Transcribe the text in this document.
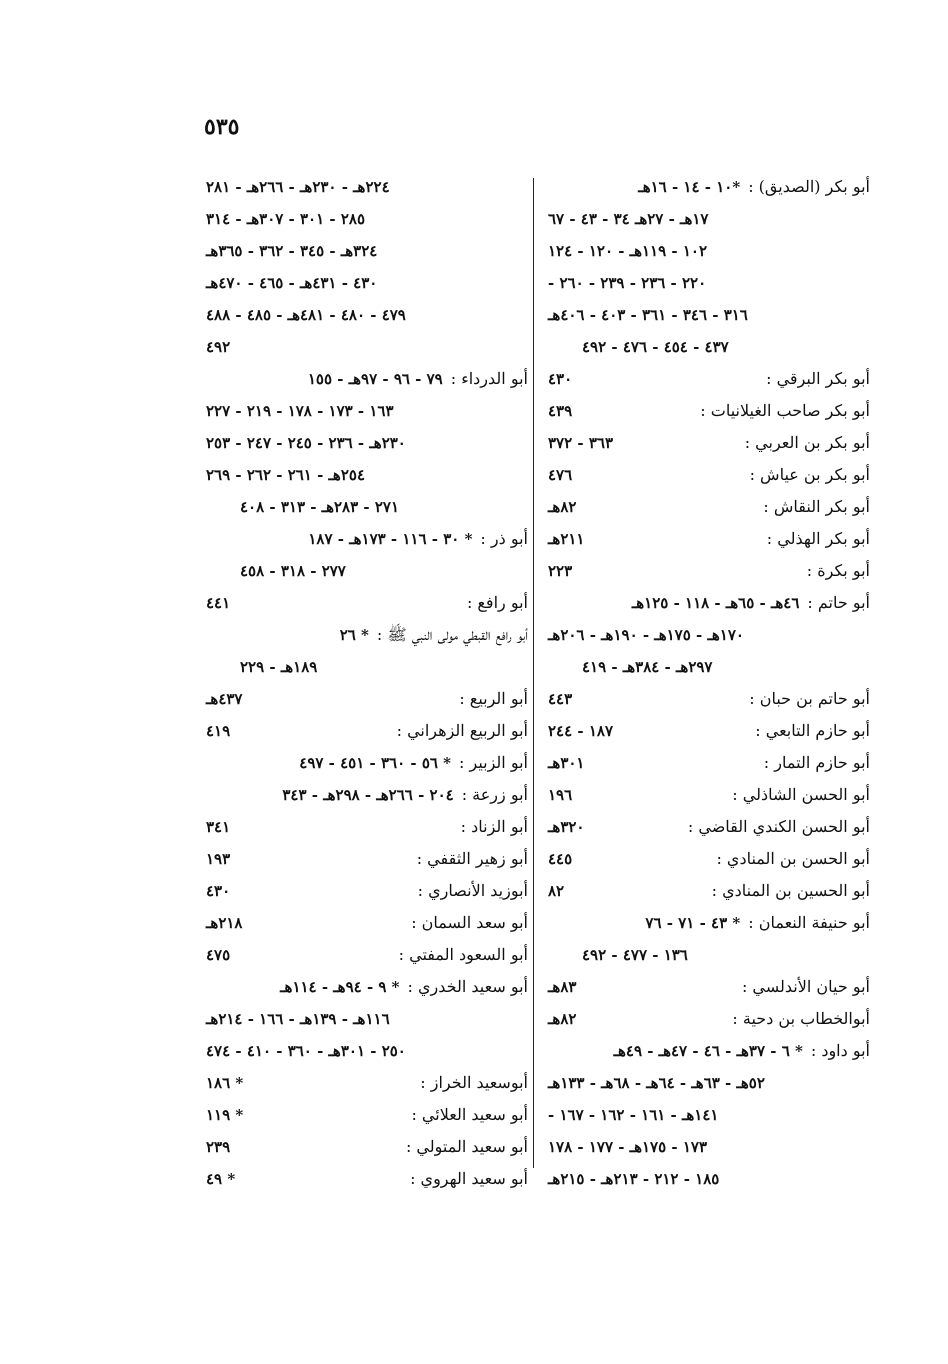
٥٣٥
أبو بكر (الصديق) :*١٠ - ١٤ - ١٦هـ
١٧هـ - ٢٧هـ ٣٤ - ٤٣ - ٦٧
١٠٢ - ١١٩هـ - ١٢٠ - ١٢٤
٢٢٠ - ٢٣٦ - ٢٣٩ - ٢٦٠ -
٣١٦ - ٣٤٦ - ٣٦١ - ٤٠٣ - ٤٠٦هـ
٤٣٧ - ٤٥٤ - ٤٧٦ - ٤٩٢
أبو بكر البرقي :
٤٣٠
أبو بكر صاحب الغيلانيات :
٤٣٩
أبو بكر بن العربي :
٣٦٣ - ٣٧٢
أبو بكر بن عياش :
٤٧٦
أبو بكر النقاش :
٨٢هـ
أبو بكر الهذلي :
٢١١هـ
أبو بكرة :
٢٢٣
أبو حاتم :٤٦هـ - ٦٥هـ - ١١٨ - ١٢٥هـ
١٧٠هـ - ١٧٥هـ - ١٩٠هـ - ٢٠٦هـ
٢٩٧هـ - ٣٨٤هـ - ٤١٩
أبو حاتم بن حبان :
٤٤٣
أبو حازم التابعي :
١٨٧ - ٢٤٤
أبو حازم التمار :
٣٠١هـ
أبو الحسن الشاذلي :
١٩٦
أبو الحسن الكندي القاضي :
٣٢٠هـ
أبو الحسن بن المنادي :
٤٤٥
أبو الحسين بن المنادي :
٨٢
أبو حنيفة النعمان :* ٤٣ - ٧١ - ٧٦
١٣٦ - ٤٧٧ - ٤٩٢
أبو حيان الأندلسي :
٨٣هـ
أبوالخطاب بن دحية :
٨٢هـ
أبو داود :* ٦ - ٣٧هـ - ٤٦ - ٤٧هـ - ٤٩هـ
٥٢هـ - ٦٣هـ - ٦٤هـ - ٦٨هـ - ١٣٣هـ
١٤١هـ - ١٦١ - ١٦٢ - ١٦٧ -
١٧٣ - ١٧٥هـ - ١٧٧ - ١٧٨
١٨٥ - ٢١٢ - ٢١٣هـ - ٢١٥هـ
٢٢٤هـ - ٢٣٠هـ - ٢٦٦هـ - ٢٨١
٢٨٥ - ٣٠١ - ٣٠٧هـ - ٣١٤
٣٢٤هـ - ٣٤٥ - ٣٦٢ - ٣٦٥هـ
٤٣٠ - ٤٣١هـ - ٤٦٥ - ٤٧٠هـ
٤٧٩ - ٤٨٠ - ٤٨١هـ - ٤٨٥ - ٤٨٨
٤٩٢
أبو الدرداء :٧٩ - ٩٦ - ٩٧هـ - ١٥٥
١٦٣ - ١٧٣ - ١٧٨ - ٢١٩ - ٢٢٧
٢٣٠هـ - ٢٣٦ - ٢٤٥ - ٢٤٧ - ٢٥٣
٢٥٤هـ - ٢٦١ - ٢٦٢ - ٢٦٩
٢٧١ - ٢٨٣هـ - ٣١٣ - ٤٠٨
أبو ذر :* ٣٠ - ١١٦ - ١٧٣هـ - ١٨٧
٢٧٧ - ٣١٨ - ٤٥٨
أبو رافع :
٤٤١
أبو رافع القبطي مولى النبي ﷺ :* ٢٦
١٨٩هـ - ٢٢٩
أبو الربيع :
٤٣٧هـ
أبو الربيع الزهراني :
٤١٩
أبو الزبير :* ٥٦ - ٣٦٠ - ٤٥١ - ٤٩٧
أبو زرعة :٢٠٤ - ٢٦٦هـ - ٢٩٨هـ - ٣٤٣
أبو الزناد :
٣٤١
أبو زهير الثقفي :
١٩٣
أبوزيد الأنصاري :
٤٣٠
أبو سعد السمان :
٢١٨هـ
أبو السعود المفتي :
٤٧٥
أبو سعيد الخدري :* ٩ - ٩٤هـ - ١١٤هـ
١١٦هـ - ١٣٩هـ - ١٦٦ - ٢١٤هـ
٢٥٠ - ٣٠١هـ - ٣٦٠ - ٤١٠ - ٤٧٤
أبوسعيد الخراز :
* ١٨٦
أبو سعيد العلائي :
* ١١٩
أبو سعيد المتولي :
٢٣٩
أبو سعيد الهروي :
* ٤٩
